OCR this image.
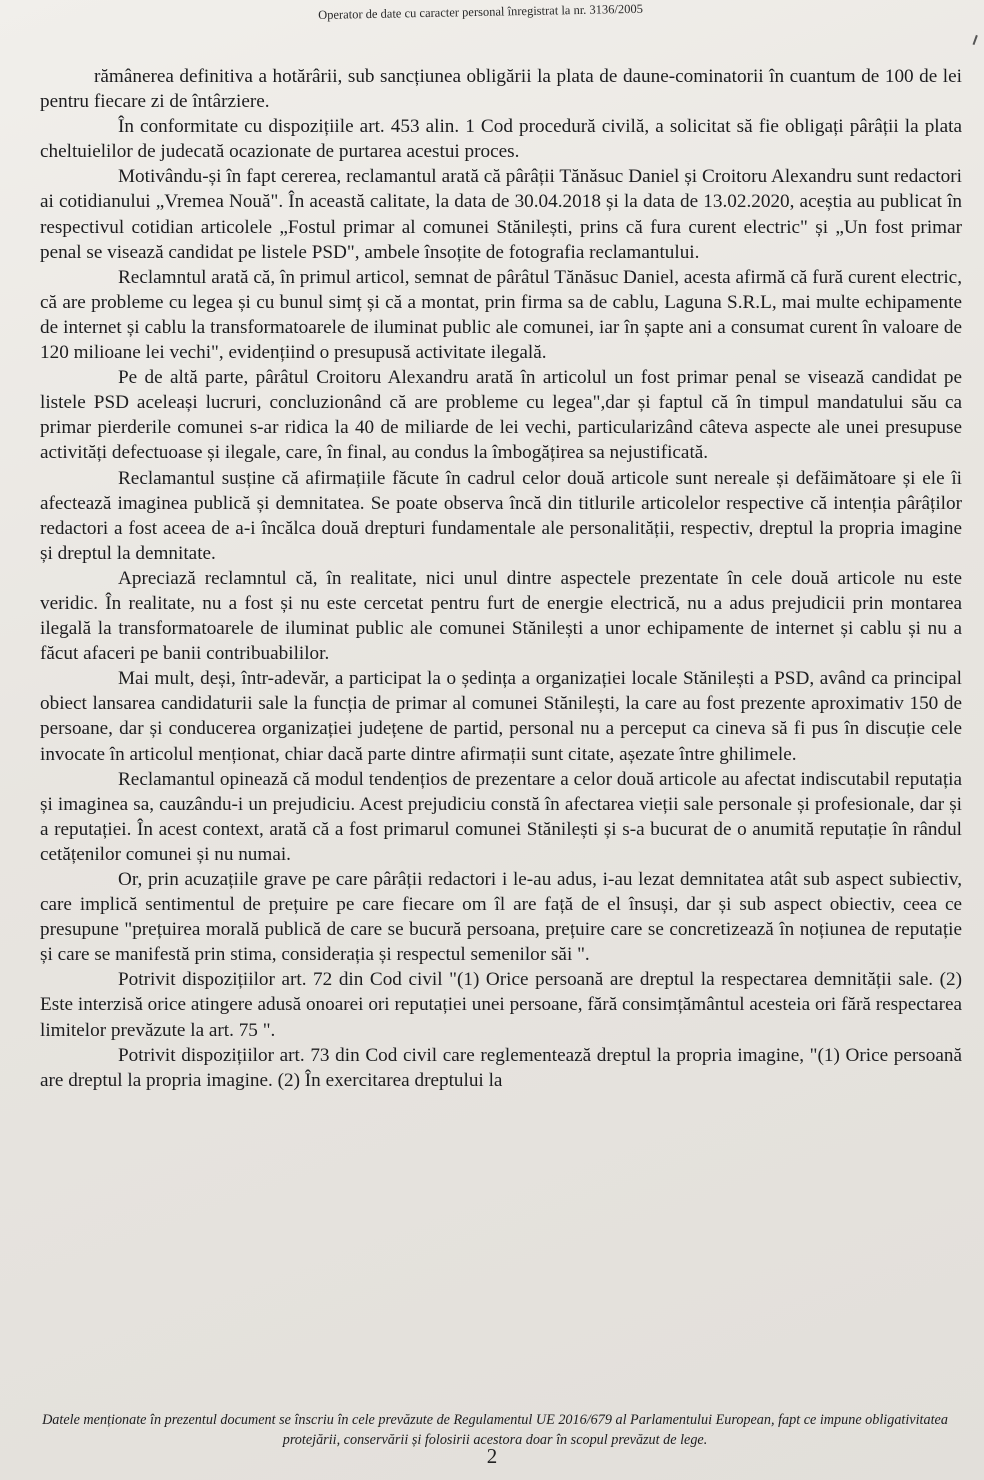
Operator de date cu caracter personal înregistrat la nr. 3136/2005

rămânerea definitiva a hotărârii, sub sancțiunea obligării la plata de daune-cominatorii în cuantum de 100 de lei pentru fiecare zi de întârziere.

În conformitate cu dispozițiile art. 453 alin. 1 Cod procedură civilă, a solicitat să fie obligați pârâții la plata cheltuielilor de judecată ocazionate de purtarea acestui proces.

Motivându-și în fapt cererea, reclamantul arată că pârâții Tănăsuc Daniel și Croitoru Alexandru sunt redactori ai cotidianului „Vremea Nouă". În această calitate, la data de 30.04.2018 și la data de 13.02.2020, aceștia au publicat în respectivul cotidian articolele „Fostul primar al comunei Stănilești, prins că fura curent electric" și „Un fost primar penal se visează candidat pe listele PSD", ambele însoțite de fotografia reclamantului.

Reclamntul arată că, în primul articol, semnat de pârâtul Tănăsuc Daniel, acesta afirmă că fură curent electric, că are probleme cu legea și cu bunul simț și că a montat, prin firma sa de cablu, Laguna S.R.L, mai multe echipamente de internet și cablu la transformatoarele de iluminat public ale comunei, iar în șapte ani a consumat curent în valoare de 120 milioane lei vechi", evidențiind o presupusă activitate ilegală.

Pe de altă parte, pârâtul Croitoru Alexandru arată în articolul un fost primar penal se visează candidat pe listele PSD aceleași lucruri, concluzionând că are probleme cu legea",dar și faptul că în timpul mandatului său ca primar pierderile comunei s-ar ridica la 40 de miliarde de lei vechi, particularizând câteva aspecte ale unei presupuse activități defectuoase și ilegale, care, în final, au condus la îmbogățirea sa nejustificată.

Reclamantul susține că afirmațiile făcute în cadrul celor două articole sunt nereale și defăimătoare și ele îi afectează imaginea publică și demnitatea. Se poate observa încă din titlurile articolelor respective că intenția pârâților redactori a fost aceea de a-i încălca două drepturi fundamentale ale personalității, respectiv, dreptul la propria imagine și dreptul la demnitate.

Apreciază reclamntul că, în realitate, nici unul dintre aspectele prezentate în cele două articole nu este veridic. În realitate, nu a fost și nu este cercetat pentru furt de energie electrică, nu a adus prejudicii prin montarea ilegală la transformatoarele de iluminat public ale comunei Stănilești a unor echipamente de internet și cablu și nu a făcut afaceri pe banii contribuabililor.

Mai mult, deși, într-adevăr, a participat la o ședința a organizației locale Stănilești a PSD, având ca principal obiect lansarea candidaturii sale la funcția de primar al comunei Stănilești, la care au fost prezente aproximativ 150 de persoane, dar și conducerea organizației județene de partid, personal nu a perceput ca cineva să fi pus în discuție cele invocate în articolul menționat, chiar dacă parte dintre afirmații sunt citate, așezate între ghilimele.

Reclamantul opinează că modul tendențios de prezentare a celor două articole au afectat indiscutabil reputația și imaginea sa, cauzându-i un prejudiciu. Acest prejudiciu constă în afectarea vieții sale personale și profesionale, dar și a reputației. În acest context, arată că a fost primarul comunei Stănilești și s-a bucurat de o anumită reputație în rândul cetățenilor comunei și nu numai.

Or, prin acuzațiile grave pe care pârâții redactori i le-au adus, i-au lezat demnitatea atât sub aspect subiectiv, care implică sentimentul de prețuire pe care fiecare om îl are față de el însuși, dar și sub aspect obiectiv, ceea ce presupune "prețuirea morală publică de care se bucură persoana, prețuire care se concretizează în noțiunea de reputație și care se manifestă prin stima, considerația și respectul semenilor săi ".

Potrivit dispozițiilor art. 72 din Cod civil "(1) Orice persoană are dreptul la respectarea demnității sale. (2) Este interzisă orice atingere adusă onoarei ori reputației unei persoane, fără consimțământul acesteia ori fără respectarea limitelor prevăzute la art. 75 ".

Potrivit dispozițiilor art. 73 din Cod civil care reglementează dreptul la propria imagine, "(1) Orice persoană are dreptul la propria imagine. (2) În exercitarea dreptului la

Datele menționate în prezentul document se înscriu în cele prevăzute de Regulamentul UE 2016/679 al Parlamentului European, fapt ce impune obligativitatea protejării, conservării și folosirii acestora doar în scopul prevăzut de lege.
2
